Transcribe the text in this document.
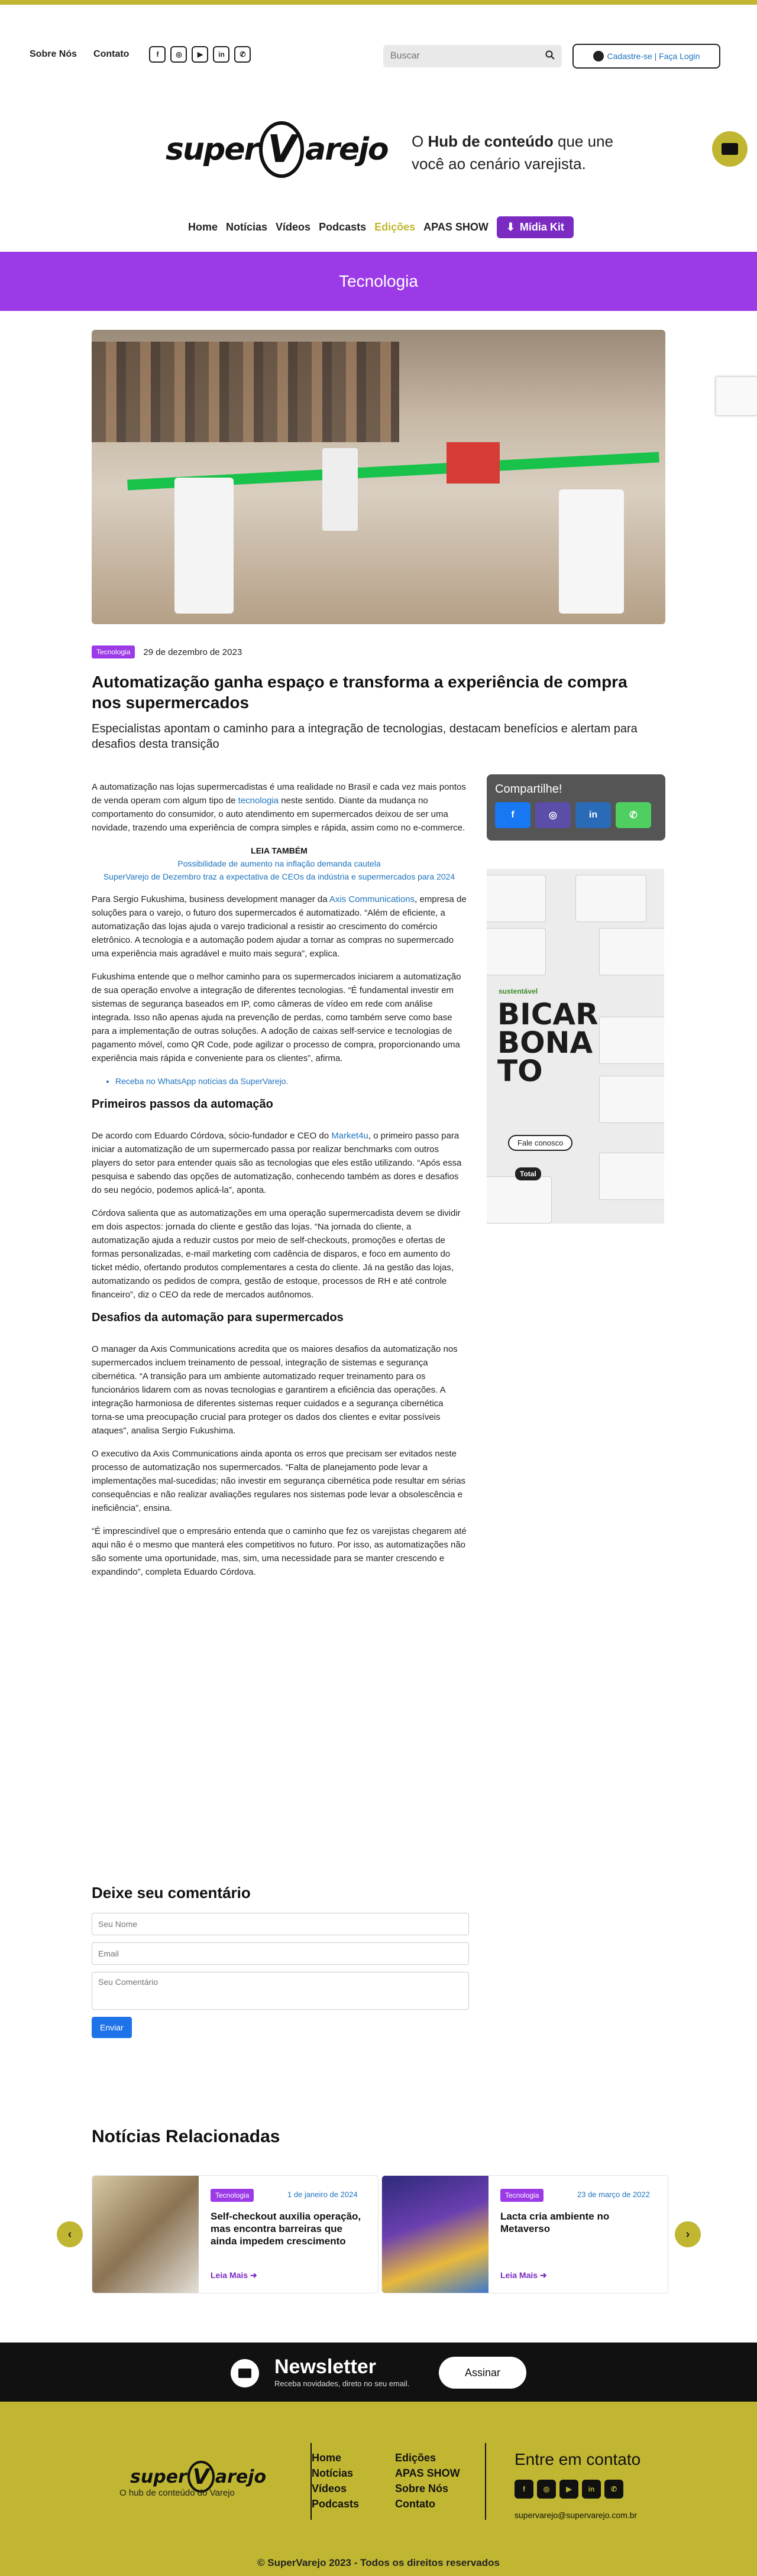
Sobre Nós Contato	f	◎	▶	in	✆
Buscar	Cadastre-se | Faça Login
super V arejo O Hub de conteúdo que une você ao cenário varejista.
Home Notícias Vídeos Podcasts Edições APAS SHOW ⬇ Mídia Kit
Tecnologia
Tecnologia	29 de dezembro de 2023
Automatização ganha espaço e transforma a experiência de compra nos supermercados
Especialistas apontam o caminho para a integração de tecnologias, destacam benefícios e alertam para desafios desta transição

A automatização nas lojas supermercadistas é uma realidade no Brasil e cada vez mais pontos de venda operam com algum tipo de tecnologia neste sentido. Diante da mudança no comportamento do consumidor, o auto atendimento em supermercados deixou de ser uma novidade, trazendo uma experiência de compra simples e rápida, assim como no e-commerce.

LEIA TAMBÉM
Possibilidade de aumento na inflação demanda cautela
SuperVarejo de Dezembro traz a expectativa de CEOs da indústria e supermercados para 2024

Para Sergio Fukushima, business development manager da Axis Communications, empresa de soluções para o varejo, o futuro dos supermercados é automatizado. “Além de eficiente, a automatização das lojas ajuda o varejo tradicional a resistir ao crescimento do comércio eletrônico. A tecnologia e a automação podem ajudar a tornar as compras no supermercado uma experiência mais agradável e muito mais segura”, explica.

Fukushima entende que o melhor caminho para os supermercados iniciarem a automatização de sua operação envolve a integração de diferentes tecnologias. “É fundamental investir em sistemas de segurança baseados em IP, como câmeras de vídeo em rede com análise integrada. Isso não apenas ajuda na prevenção de perdas, como também serve como base para a implementação de outras soluções. A adoção de caixas self-service e tecnologias de pagamento móvel, como QR Code, pode agilizar o processo de compra, proporcionando uma experiência mais rápida e conveniente para os clientes”, afirma.

• Receba no WhatsApp notícias da SuperVarejo.
Primeiros passos da automação

De acordo com Eduardo Córdova, sócio-fundador e CEO do Market4u, o primeiro passo para iniciar a automatização de um supermercado passa por realizar benchmarks com outros players do setor para entender quais são as tecnologias que eles estão utilizando. “Após essa pesquisa e sabendo das opções de automatização, conhecendo também as dores e desafios do seu negócio, podemos aplicá-la”, aponta.

Córdova salienta que as automatizações em uma operação supermercadista devem se dividir em dois aspectos: jornada do cliente e gestão das lojas. “Na jornada do cliente, a automatização ajuda a reduzir custos por meio de self-checkouts, promoções e ofertas de formas personalizadas, e-mail marketing com cadência de disparos, e foco em aumento do ticket médio, ofertando produtos complementares a cesta do cliente. Já na gestão das lojas, automatizando os pedidos de compra, gestão de estoque, processos de RH e até controle financeiro”, diz o CEO da rede de mercados autônomos.

Desafios da automação para supermercados

O manager da Axis Communications acredita que os maiores desafios da automatização nos supermercados incluem treinamento de pessoal, integração de sistemas e segurança cibernética. “A transição para um ambiente automatizado requer treinamento para os funcionários lidarem com as novas tecnologias e garantirem a eficiência das operações. A integração harmoniosa de diferentes sistemas requer cuidados e a segurança cibernética torna-se uma preocupação crucial para proteger os dados dos clientes e evitar possíveis ataques”, analisa Sergio Fukushima.

O executivo da Axis Communications ainda aponta os erros que precisam ser evitados neste processo de automatização nos supermercados. “Falta de planejamento pode levar a implementações mal-sucedidas; não investir em segurança cibernética pode resultar em sérias consequências e não realizar avaliações regulares nos sistemas pode levar a obsolescência e ineficiência”, ensina.

“É imprescindível que o empresário entenda que o caminho que fez os varejistas chegarem até aqui não é o mesmo que manterá eles competitivos no futuro. Por isso, as automatizações não são somente uma oportunidade, mas, sim, uma necessidade para se manter crescendo e expandindo”, completa Eduardo Córdova.

Compartilhe!
f	◎	in	✆
sustentável
BICAR BONA TO
Fale conosco
Total
Deixe seu comentário
Seu Nome
Email
Seu Comentário Enviar
Notícias Relacionadas
‹
Tecnologia	1 de janeiro de 2024
Self-checkout auxilia operação, mas encontra barreiras que ainda impedem crescimento
Leia Mais ➜
Tecnologia	23 de março de 2022
Lacta cria ambiente no Metaverso
Leia Mais ➜
›
Newsletter
Receba novidades, direto no seu email.
Assinar
super V arejo
O hub de conteúdo do Varejo
Home
Notícias
Vídeos
Podcasts
Edições
APAS SHOW
Sobre Nós
Contato
Entre em contato
f	◎	▶	in	✆
supervarejo@supervarejo.com.br
© SuperVarejo 2023 - Todos os direitos reservados
